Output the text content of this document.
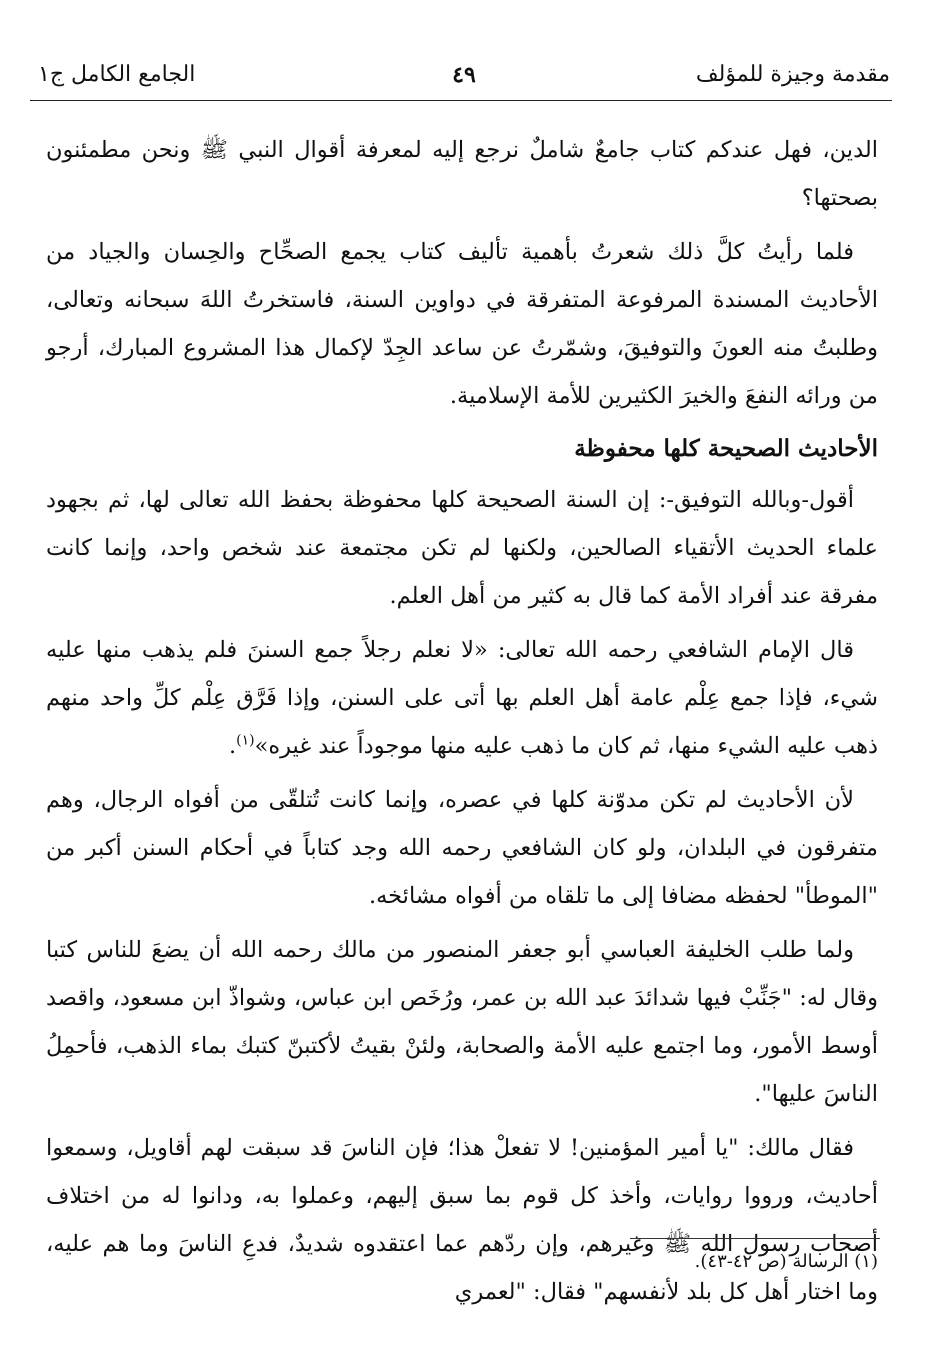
مقدمة وجيزة للمؤلف
٤٩
الجامع الكامل ج١

الدين، فهل عندكم كتاب جامعٌ شاملٌ نرجع إليه لمعرفة أقوال النبي ﷺ ونحن مطمئنون بصحتها؟

فلما رأيتُ كلَّ ذلك شعرتُ بأهمية تأليف كتاب يجمع الصحِّاح والحِسان والجياد من الأحاديث المسندة المرفوعة المتفرقة في دواوين السنة، فاستخرتُ اللهَ سبحانه وتعالى، وطلبتُ منه العونَ والتوفيقَ، وشمّرتُ عن ساعد الجِدّ لإكمال هذا المشروع المبارك، أرجو من ورائه النفعَ والخيرَ الكثيرين للأمة الإسلامية.

الأحاديث الصحيحة كلها محفوظة

أقول-وبالله التوفيق-: إن السنة الصحيحة كلها محفوظة بحفظ الله تعالى لها، ثم بجهود علماء الحديث الأتقياء الصالحين، ولكنها لم تكن مجتمعة عند شخص واحد، وإنما كانت مفرقة عند أفراد الأمة كما قال به كثير من أهل العلم.

قال الإمام الشافعي رحمه الله تعالى: «لا نعلم رجلاً جمع السننَ فلم يذهب منها عليه شيء، فإذا جمع عِلْم عامة أهل العلم بها أتى على السنن، وإذا فَرَّق عِلْم كلِّ واحد منهم ذهب عليه الشيء منها، ثم كان ما ذهب عليه منها موجوداً عند غيره»$^{(١)}$.

لأن الأحاديث لم تكن مدوّنة كلها في عصره، وإنما كانت تُتلقّى من أفواه الرجال، وهم متفرقون في البلدان، ولو كان الشافعي رحمه الله وجد كتاباً في أحكام السنن أكبر من "الموطأ" لحفظه مضافا إلى ما تلقاه من أفواه مشائخه.

ولما طلب الخليفة العباسي أبو جعفر المنصور من مالك رحمه الله أن يضعَ للناس كتبا وقال له: "جَنِّبْ فيها شدائدَ عبد الله بن عمر، ورُخَص ابن عباس، وشواذّ ابن مسعود، واقصد أوسط الأمور، وما اجتمع عليه الأمة والصحابة، ولئنْ بقيتُ لأكتبنّ كتبك بماء الذهب، فأحمِلُ الناسَ عليها".

فقال مالك: "يا أمير المؤمنين! لا تفعلْ هذا؛ فإن الناسَ قد سبقت لهم أقاويل، وسمعوا أحاديث، ورووا روايات، وأخذ كل قوم بما سبق إليهم، وعملوا به، ودانوا له من اختلاف أصحاب رسول الله ﷺ وغيرهم، وإن ردّهم عما اعتقدوه شديدٌ، فدعِ الناسَ وما هم عليه، وما اختار أهل كل بلد لأنفسهم" فقال: "لعمري

(١) الرسالة (ص ٤٢-٤٣).
